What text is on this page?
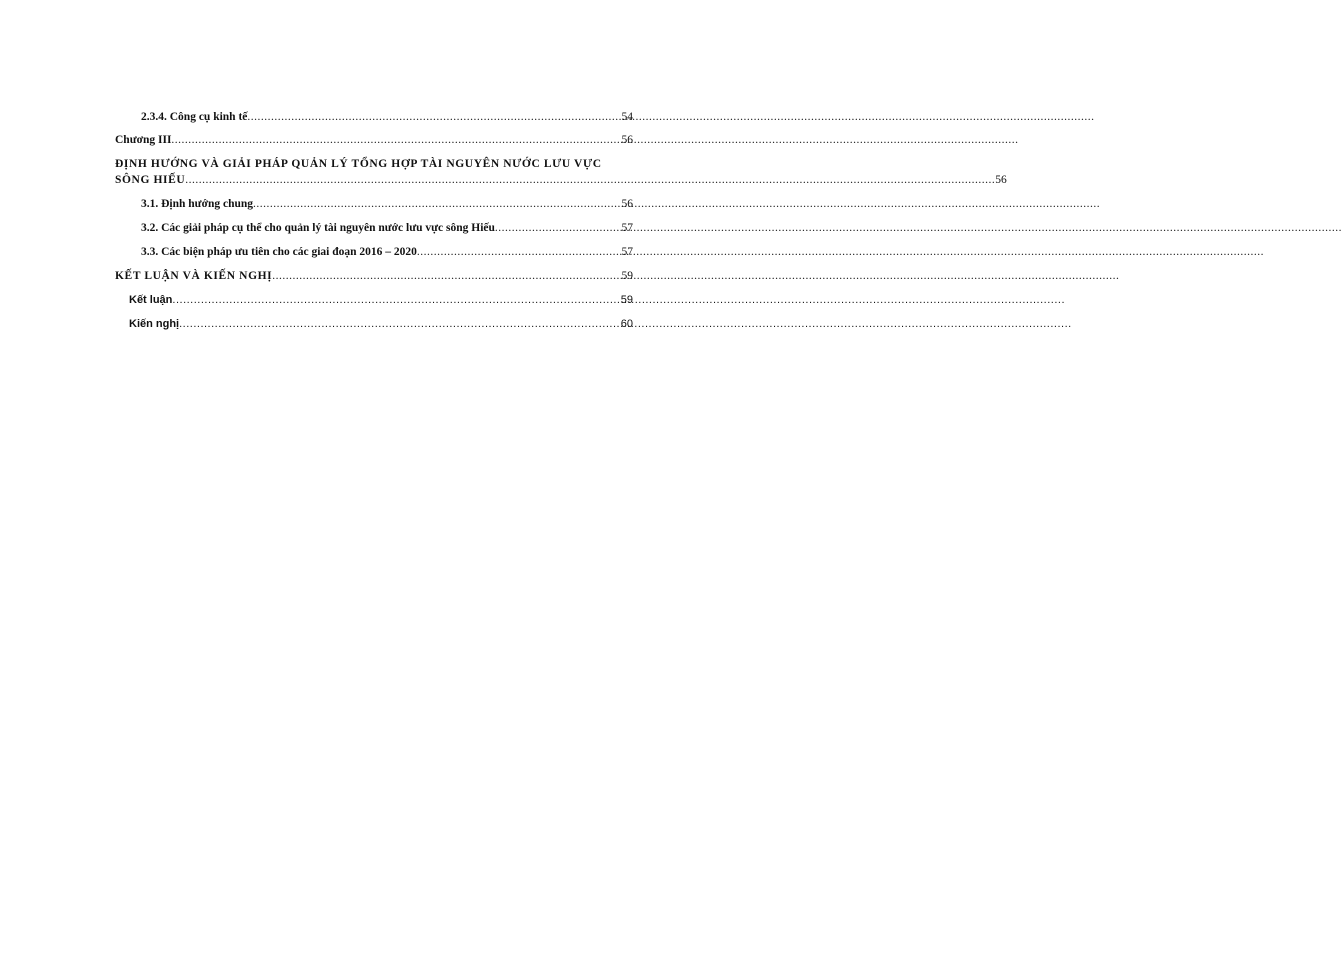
2.3.4. Công cụ kinh tế .....	54
Chương III .....	56
ĐỊNH HƯỚNG VÀ GIẢI PHÁP QUẢN LÝ TỔNG HỢP TÀI NGUYÊN NƯỚC LƯU VỰC
SÔNG HIẾU ................................................................................................................................................................................................................................................ 56
3.1. Định hướng chung .....	56
3.2. Các giải pháp cụ thể cho quản lý tài nguyên nước lưu vực sông Hiếu .....	57
3.3. Các biện pháp ưu tiên cho các giai đoạn 2016 – 2020 .....	57
KẾT LUẬN VÀ KIẾN NGHỊ .....	59
Kết luận .....	59
Kiến nghị .....	60
